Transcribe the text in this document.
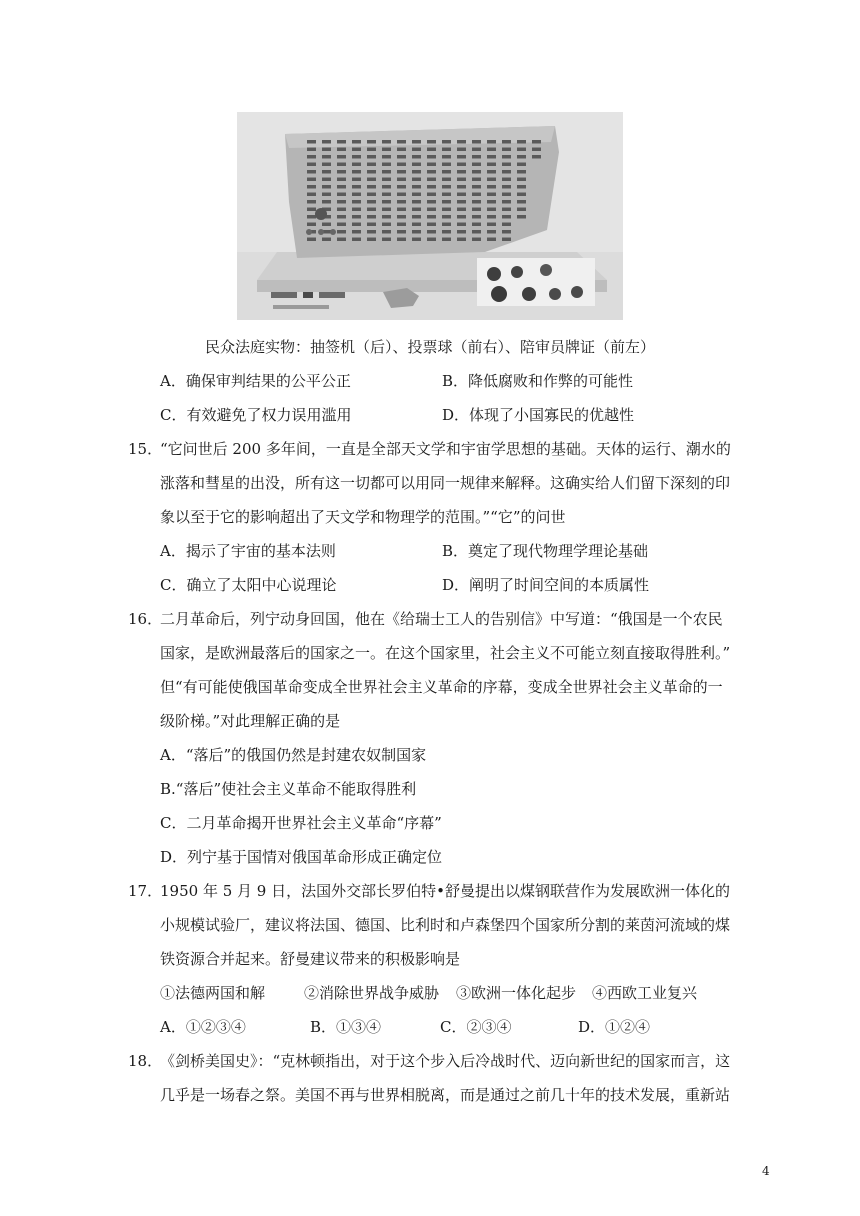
民众法庭实物：抽签机（后）、投票球（前右）、陪审员牌证（前左）
A．确保审判结果的公平公正	B．降低腐败和作弊的可能性
C．有效避免了权力误用滥用	D．体现了小国寡民的优越性
15．
“它问世后 200 多年间，一直是全部天文学和宇宙学思想的基础。天体的运行、潮水的
涨落和彗星的出没，所有这一切都可以用同一规律来解释。这确实给人们留下深刻的印
象以至于它的影响超出了天文学和物理学的范围。”“它”的问世
A．揭示了宇宙的基本法则	B．奠定了现代物理学理论基础
C．确立了太阳中心说理论	D．阐明了时间空间的本质属性
16．
二月革命后，列宁动身回国，他在《给瑞士工人的告别信》中写道：“俄国是一个农民
国家，是欧洲最落后的国家之一。在这个国家里，社会主义不可能立刻直接取得胜利。”
但“有可能使俄国革命变成全世界社会主义革命的序幕，变成全世界社会主义革命的一
级阶梯。”对此理解正确的是
A．“落后”的俄国仍然是封建农奴制国家
B.“落后”使社会主义革命不能取得胜利
C．二月革命揭开世界社会主义革命“序幕”
D．列宁基于国情对俄国革命形成正确定位
17．
1950 年 5 月 9 日，法国外交部长罗伯特•舒曼提出以煤钢联营作为发展欧洲一体化的
小规模试验厂，建议将法国、德国、比利时和卢森堡四个国家所分割的莱茵河流域的煤
铁资源合并起来。舒曼建议带来的积极影响是
①法德两国和解	②消除世界战争威胁 ③欧洲一体化起步 ④西欧工业复兴
A．①②③④	B．①③④	C．②③④	D．①②④
18．
《剑桥美国史》：“克林顿指出，对于这个步入后冷战时代、迈向新世纪的国家而言，这
几乎是一场春之祭。美国不再与世界相脱离，而是通过之前几十年的技术发展，重新站
4
